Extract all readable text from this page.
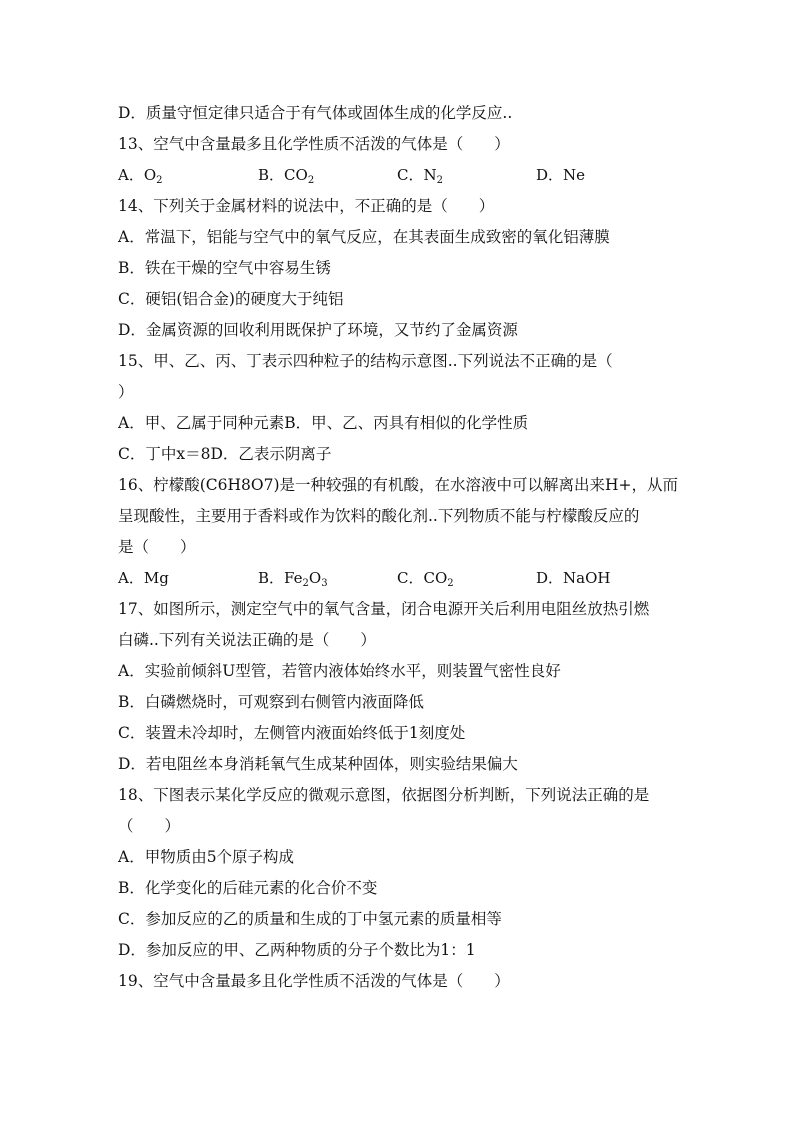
D．质量守恒定律只适合于有气体或固体生成的化学反应..
13、空气中含量最多且化学性质不活泼的气体是（　　）
A．$O_2$	B．$CO_2$	C．$N_2$	D．Ne
14、下列关于金属材料的说法中，不正确的是（　　）
A．常温下，铝能与空气中的氧气反应，在其表面生成致密的氧化铝薄膜
B．铁在干燥的空气中容易生锈
C．硬铝(铝合金)的硬度大于纯铝
D．金属资源的回收利用既保护了环境，又节约了金属资源
15、甲、乙、丙、丁表示四种粒子的结构示意图..下列说法不正确的是（
）
A．甲、乙属于同种元素B．甲、乙、丙具有相似的化学性质
C．丁中x＝8D．乙表示阴离子
16、柠檬酸(C6H8O7)是一种较强的有机酸，在水溶液中可以解离出来H+，从而
呈现酸性，主要用于香料或作为饮料的酸化剂..下列物质不能与柠檬酸反应的
是（　　）
A．Mg	B．$Fe_2O_3$	C．$CO_2$	D．NaOH
17、如图所示，测定空气中的氧气含量，闭合电源开关后利用电阻丝放热引燃
白磷..下列有关说法正确的是（　　）
A．实验前倾斜U型管，若管内液体始终水平，则装置气密性良好
B．白磷燃烧时，可观察到右侧管内液面降低
C．装置未冷却时，左侧管内液面始终低于1刻度处
D．若电阻丝本身消耗氧气生成某种固体，则实验结果偏大
18、下图表示某化学反应的微观示意图，依据图分析判断，下列说法正确的是
（　　）
A．甲物质由5个原子构成
B．化学变化的后硅元素的化合价不变
C．参加反应的乙的质量和生成的丁中氢元素的质量相等
D．参加反应的甲、乙两种物质的分子个数比为1：1
19、空气中含量最多且化学性质不活泼的气体是（　　）
